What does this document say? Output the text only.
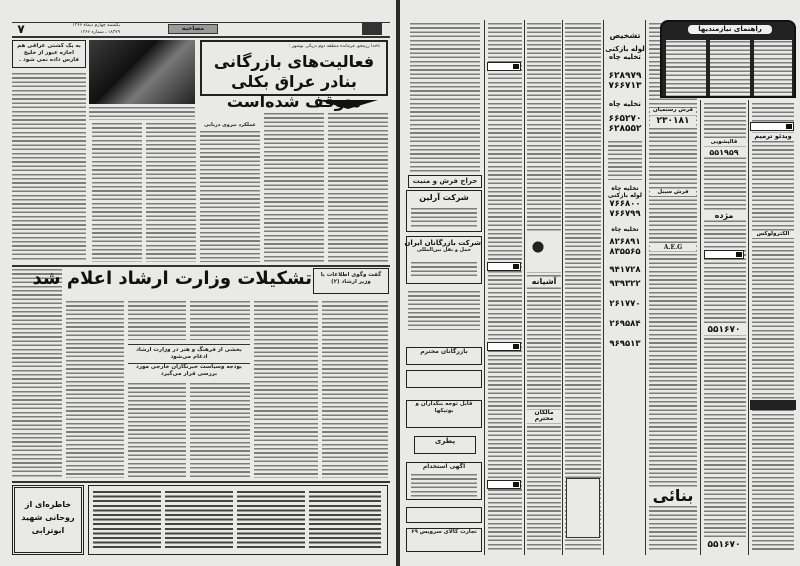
۷	یکشنبه چهارم دیماه ۱۳۶۶
۱۸۳۷۹ ـ شماره ۱۳۶۶	مصاحبه
به یک کشتی عراقی هم اجازه عبور از خلیج فارس داده نمی شود .
ناخدا رزمجو، فرمانده منطقه دوم دریائی بوشهر :
فعالیت‌های بازرگانی بنادر عراق بکلی متوقف شده‌است
عملکرد نیروی دریایی
تشکیلات وزارت ارشاد اعلام شد	گفت وگوی اطلاعات با وزیر ارشاد (۲)
بخشی از فرهنگ و هنر در وزارت ارشاد ادغام می‌شود
بودجه وسیاست خبرنگاران خارجی مورد بررسی قرار می‌گیرد
خاطره‌ای از روحانی شهید ابوترابی
حراج فرش و منبت
شرکت آرلین
شرکت بازرگانان ایران
حمل و نقل بین‌المللی
بازرگانان محترم
قابل توجه بنکداران و بوتیکها
پطری
آگهی استخدام
تجارت کالای سرویس ۶۹
آشیانه
مالکان محترم
تشخیص
لوله بازکنی
تخلیه چاه
۶۲۸۹۷۹
۷۶۶۷۱۳
تخلیه چاه
۶۶۵۲۷۰
۶۲۸۵۵۲
تخلیه چاه
لوله بازکنی
۷۶۶۸۰۰
۷۶۶۷۹۹
تخلیه چاه
۸۲۶۸۹۱
۸۳۵۵۶۵
۹۴۱۷۲۸
۹۳۹۳۲۲
۲۶۱۷۷۰
۲۶۹۵۸۴
۹۶۹۵۱۳
بنائی
راهنمای نیازمندیها
قالیشویی
۵۵۱۹۵۹
مژده
۵۵۱۶۷۰
۵۵۱۶۷۰
ویدئو ترمیم
الکترولوکس
فرش رستمیان
۲۳۰۱۸۱
فرش سیبل
A.E.G
